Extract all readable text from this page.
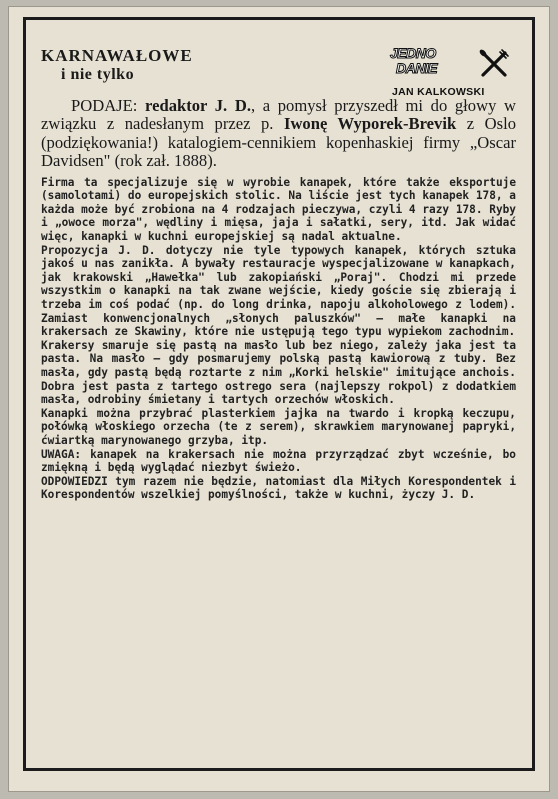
KARNAWAŁOWE
i nie tylko
JEDNO
DANIE
JAN KALKOWSKI
PODAJE: redaktor J. D., a pomysł przyszedł mi do głowy w związku z nadesłanym przez p. Iwonę Wyporek-Brevik z Oslo (podziękowania!) katalogiem-cennikiem kopenhaskiej firmy „Oscar Davidsen" (rok zał. 1888).

Firma ta specjalizuje się w wyrobie kanapek, które także eksportuje (samolotami) do europejskich stolic. Na liście jest tych kanapek 178, a każda może być zrobiona na 4 rodzajach pieczywa, czyli 4 razy 178. Ryby i „owoce morza", wędliny i mięsa, jaja i sałatki, sery, itd. Jak widać więc, kanapki w kuchni europejskiej są nadal aktualne.

Propozycja J. D. dotyczy nie tyle typowych kanapek, których sztuka jakoś u nas zanikła. A bywały restauracje wyspecjalizowane w kanapkach, jak krakowski „Hawełka" lub zakopiański „Poraj". Chodzi mi przede wszystkim o kanapki na tak zwane wejście, kiedy goście się zbierają i trzeba im coś podać (np. do long drinka, napoju alkoholowego z lodem). Zamiast konwencjonalnych „słonych paluszków" — małe kanapki na krakersach ze Skawiny, które nie ustępują tego typu wypiekom zachodnim.

Krakersy smaruje się pastą na masło lub bez niego, zależy jaka jest ta pasta. Na masło — gdy posmarujemy polską pastą kawiorową z tuby. Bez masła, gdy pastą będą roztarte z nim „Korki helskie" imitujące anchois. Dobra jest pasta z tartego ostrego sera (najlepszy rokpol) z dodatkiem masła, odrobiny śmietany i tartych orzechów włoskich.

Kanapki można przybrać plasterkiem jajka na twardo i kropką keczupu, połówką włoskiego orzecha (te z serem), skrawkiem marynowanej papryki, ćwiartką marynowanego grzyba, itp.

UWAGA: kanapek na krakersach nie można przyrządzać zbyt wcześnie, bo zmiękną i będą wyglądać niezbyt świeżo.

ODPOWIEDZI tym razem nie będzie, natomiast dla Miłych Korespondentek i Korespondentów wszelkiej pomyślności, także w kuchni, życzy J. D.
